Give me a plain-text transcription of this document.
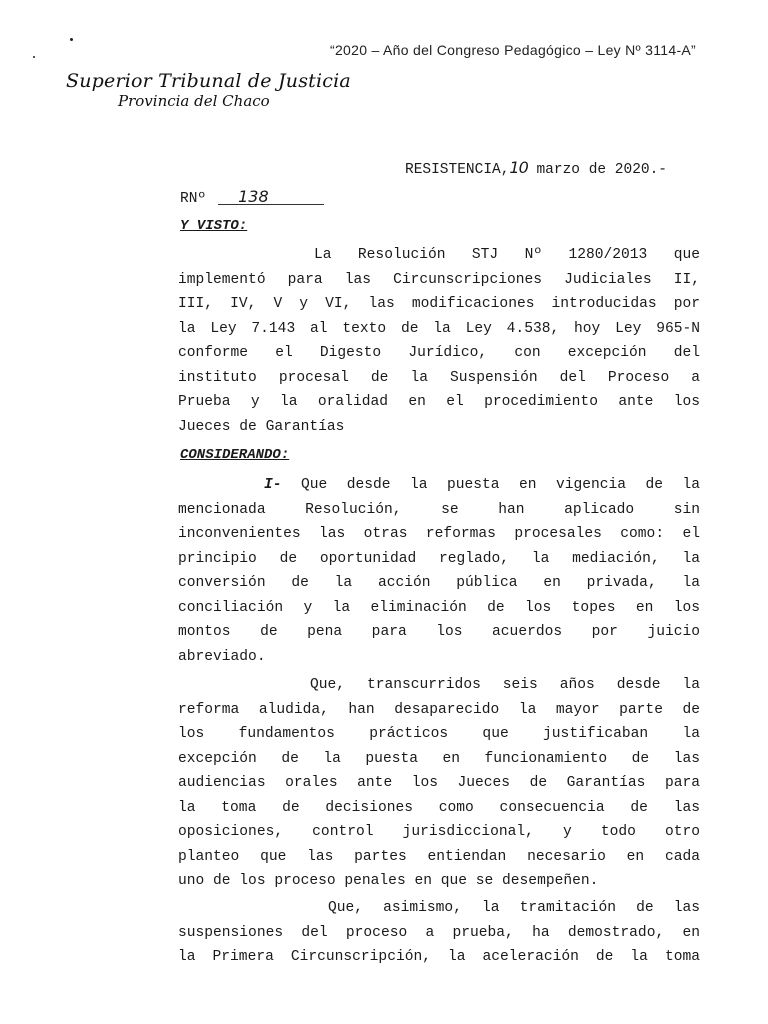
“2020 – Año del Congreso Pedagógico – Ley Nº 3114-A”
Superior Tribunal de Justicia
Provincia del Chaco
RESISTENCIA,10 marzo de 2020.-
RNº 138
Y VISTO:
La Resolución STJ Nº 1280/2013 que
implementó para las Circunscripciones Judiciales II,
III, IV, V y VI, las modificaciones introducidas por
la Ley 7.143 al texto de la Ley 4.538, hoy Ley 965-N
conforme el Digesto Jurídico, con excepción del
instituto procesal de la Suspensión del Proceso a
Prueba y la oralidad en el procedimiento ante los
Jueces de Garantías
CONSIDERANDO:
I- Que desde la puesta en vigencia de la
mencionada Resolución, se han aplicado sin
inconvenientes las otras reformas procesales como: el
principio de oportunidad reglado, la mediación, la
conversión de la acción pública en privada, la
conciliación y la eliminación de los topes en los
montos de pena para los acuerdos por juicio
abreviado.
Que, transcurridos seis años desde la
reforma aludida, han desaparecido la mayor parte de
los fundamentos prácticos que justificaban la
excepción de la puesta en funcionamiento de las
audiencias orales ante los Jueces de Garantías para
la toma de decisiones como consecuencia de las
oposiciones, control jurisdiccional, y todo otro
planteo que las partes entiendan necesario en cada
uno de los proceso penales en que se desempeñen.
Que, asimismo, la tramitación de las
suspensiones del proceso a prueba, ha demostrado, en
la Primera Circunscripción, la aceleración de la toma
